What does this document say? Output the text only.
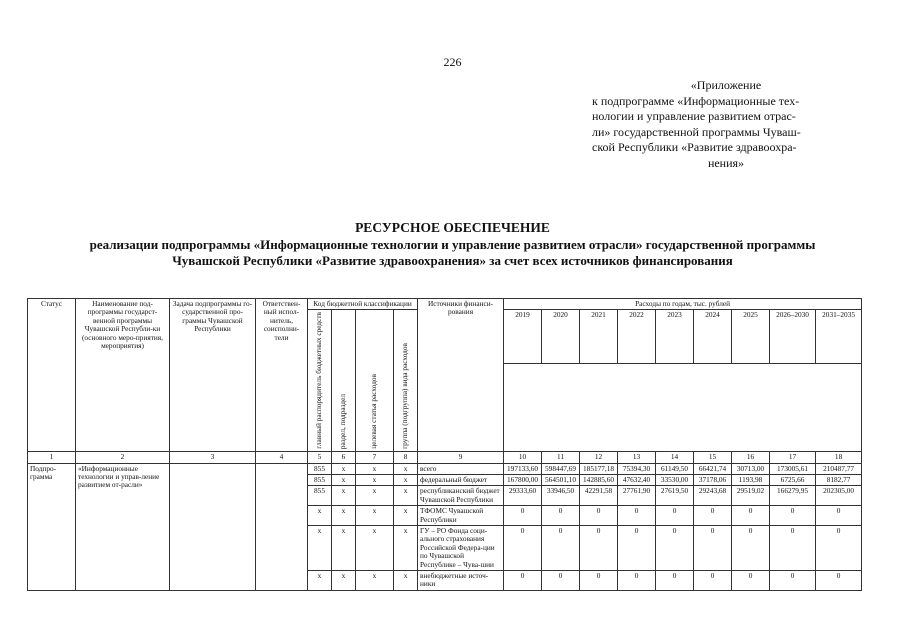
226
«Приложение
к подпрограмме «Информационные тех-
нологии и управление развитием отрас-
ли» государственной программы Чуваш-
ской Республики «Развитие здравоохра-
нения»
РЕСУРСНОЕ ОБЕСПЕЧЕНИЕ
реализации подпрограммы «Информационные технологии и управление развитием отрасли» государственной программы
Чувашской Республики «Развитие здравоохранения» за счет всех источников финансирования
Статус	Наименование под-программы государст-венной программы Чувашской Республи-ки (основного меро-приятия, мероприятия)	Задача подпрограммы го-сударственной про-граммы Чувашской Республики	Ответствен-ный испол-нитель, соисполни-тели	Код бюджетной классификации				Источники финанси-рования	Расходы по годам, тыс. рублей								

				главный распорядитель бюджетных средств	раздел, подраздел	целевая статья расходов	группа (подгруппа) вида расходов		2019	2020	2021	2022	2023	2024	2025	2026–2030	2031–2035

1	2	3	4	5	6	7	8	9	10	11	12	13	14	15	16	17	18
Подпро-грамма	«Информационные технологии и управ-ление развитием от-расли»			855	x	x	x	всего	197133,60	598447,69	185177,18	75394,30	61149,50	66421,74	30713,00	173005,61	210487,77
				855	x	x	x	федеральный бюджет	167800,00	564501,10	142885,60	47632,40	33530,00	37178,06	1193,98	6725,66	8182,77
				855	x	x	x	республиканский бюджет Чувашской Республики	29333,60	33946,50	42291,58	27761,90	27619,50	29243,68	29519,02	166279,95	202305,00
				x	x	x	x	ТФОМС Чувашской Республики	0	0	0	0	0	0	0	0	0
				x	x	x	x	ГУ – РО Фонда соци-ального страхования Российской Федера-ции по Чувашской Республике – Чува-шии	0	0	0	0	0	0	0	0	0
				x	x	x	x	внебюджетные источ-ники	0	0	0	0	0	0	0	0	0
